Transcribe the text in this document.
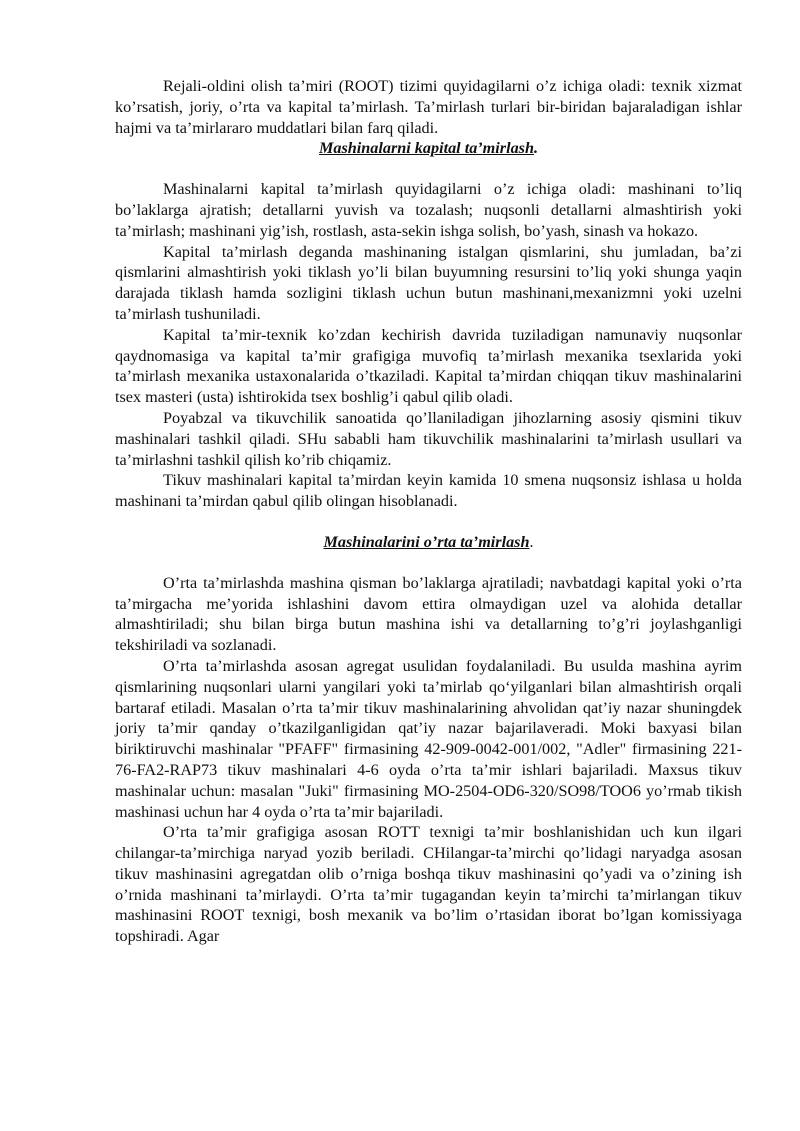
Rejali-oldini olish ta’miri (ROOT) tizimi quyidagilarni o’z ichiga oladi: texnik xizmat ko’rsatish, joriy, o’rta va kapital ta’mirlash. Ta’mirlash turlari bir-biridan bajaraladigan ishlar hajmi va ta’mirlararo muddatlari bilan farq qiladi.

Mashinalarni kapital ta’mirlash.

Mashinalarni kapital ta’mirlash quyidagilarni o’z ichiga oladi: mashinani to’liq bo’laklarga ajratish; detallarni yuvish va tozalash; nuqsonli detallarni almashtirish yoki ta’mirlash; mashinani yig’ish, rostlash, asta-sekin ishga solish, bo’yash, sinash va hokazo.

Kapital ta’mirlash deganda mashinaning istalgan qismlarini, shu jumladan, ba’zi qismlarini almashtirish yoki tiklash yo’li bilan buyumning resursini to’liq yoki shunga yaqin darajada tiklash hamda sozligini tiklash uchun butun mashinani,mexanizmni yoki uzelni ta’mirlash tushuniladi.

Kapital ta’mir-texnik ko’zdan kechirish davrida tuziladigan namunaviy nuqsonlar qaydnomasiga va kapital ta’mir grafigiga muvofiq ta’mirlash mexanika tsexlarida yoki ta’mirlash mexanika ustaxonalarida o’tkaziladi. Kapital ta’mirdan chiqqan tikuv mashinalarini tsex masteri (usta) ishtirokida tsex boshlig’i qabul qilib oladi.

Poyabzal va tikuvchilik sanoatida qo’llaniladigan jihozlarning asosiy qismini tikuv mashinalari tashkil qiladi. SHu sababli ham tikuvchilik mashinalarini ta’mirlash usullari va ta’mirlashni tashkil qilish ko’rib chiqamiz.

Tikuv mashinalari kapital ta’mirdan keyin kamida 10 smena nuqsonsiz ishlasa u holda mashinani ta’mirdan qabul qilib olingan hisoblanadi.

Mashinalarini o’rta ta’mirlash.

O’rta ta’mirlashda mashina qisman bo’laklarga ajratiladi; navbatdagi kapital yoki o’rta ta’mirgacha me’yorida ishlashini davom ettira olmaydigan uzel va alohida detallar almashtiriladi; shu bilan birga butun mashina ishi va detallarning to’g’ri joylashganligi tekshiriladi va sozlanadi.

O’rta ta’mirlashda asosan agregat usulidan foydalaniladi. Bu usulda mashina ayrim qismlarining nuqsonlari ularni yangilari yoki ta’mirlab qo‘yilganlari bilan almashtirish orqali bartaraf etiladi. Masalan o’rta ta’mir tikuv mashinalarining ahvolidan qat’iy nazar shuningdek joriy ta’mir qanday o’tkazilganligidan qat’iy nazar bajarilaveradi. Moki baxyasi bilan biriktiruvchi mashinalar "PFAFF" firmasining 42-909-0042-001/002, "Adler" firmasining 221-76-FA2-RAP73 tikuv mashinalari 4-6 oyda o’rta ta’mir ishlari bajariladi. Maxsus tikuv mashinalar uchun: masalan "Juki" firmasining MO-2504-OD6-320/SO98/TOO6 yo’rmab tikish mashinasi uchun har 4 oyda o’rta ta’mir bajariladi.

O’rta ta’mir grafigiga asosan ROTT texnigi ta’mir boshlanishidan uch kun ilgari chilangar-ta’mirchiga naryad yozib beriladi. CHilangar-ta’mirchi qo’lidagi naryadga asosan tikuv mashinasini agregatdan olib o’rniga boshqa tikuv mashinasini qo’yadi va o’zining ish o’rnida mashinani ta’mirlaydi. O’rta ta’mir tugagandan keyin ta’mirchi ta’mirlangan tikuv mashinasini ROOT texnigi, bosh mexanik va bo’lim o’rtasidan iborat bo’lgan komissiyaga topshiradi. Agar
